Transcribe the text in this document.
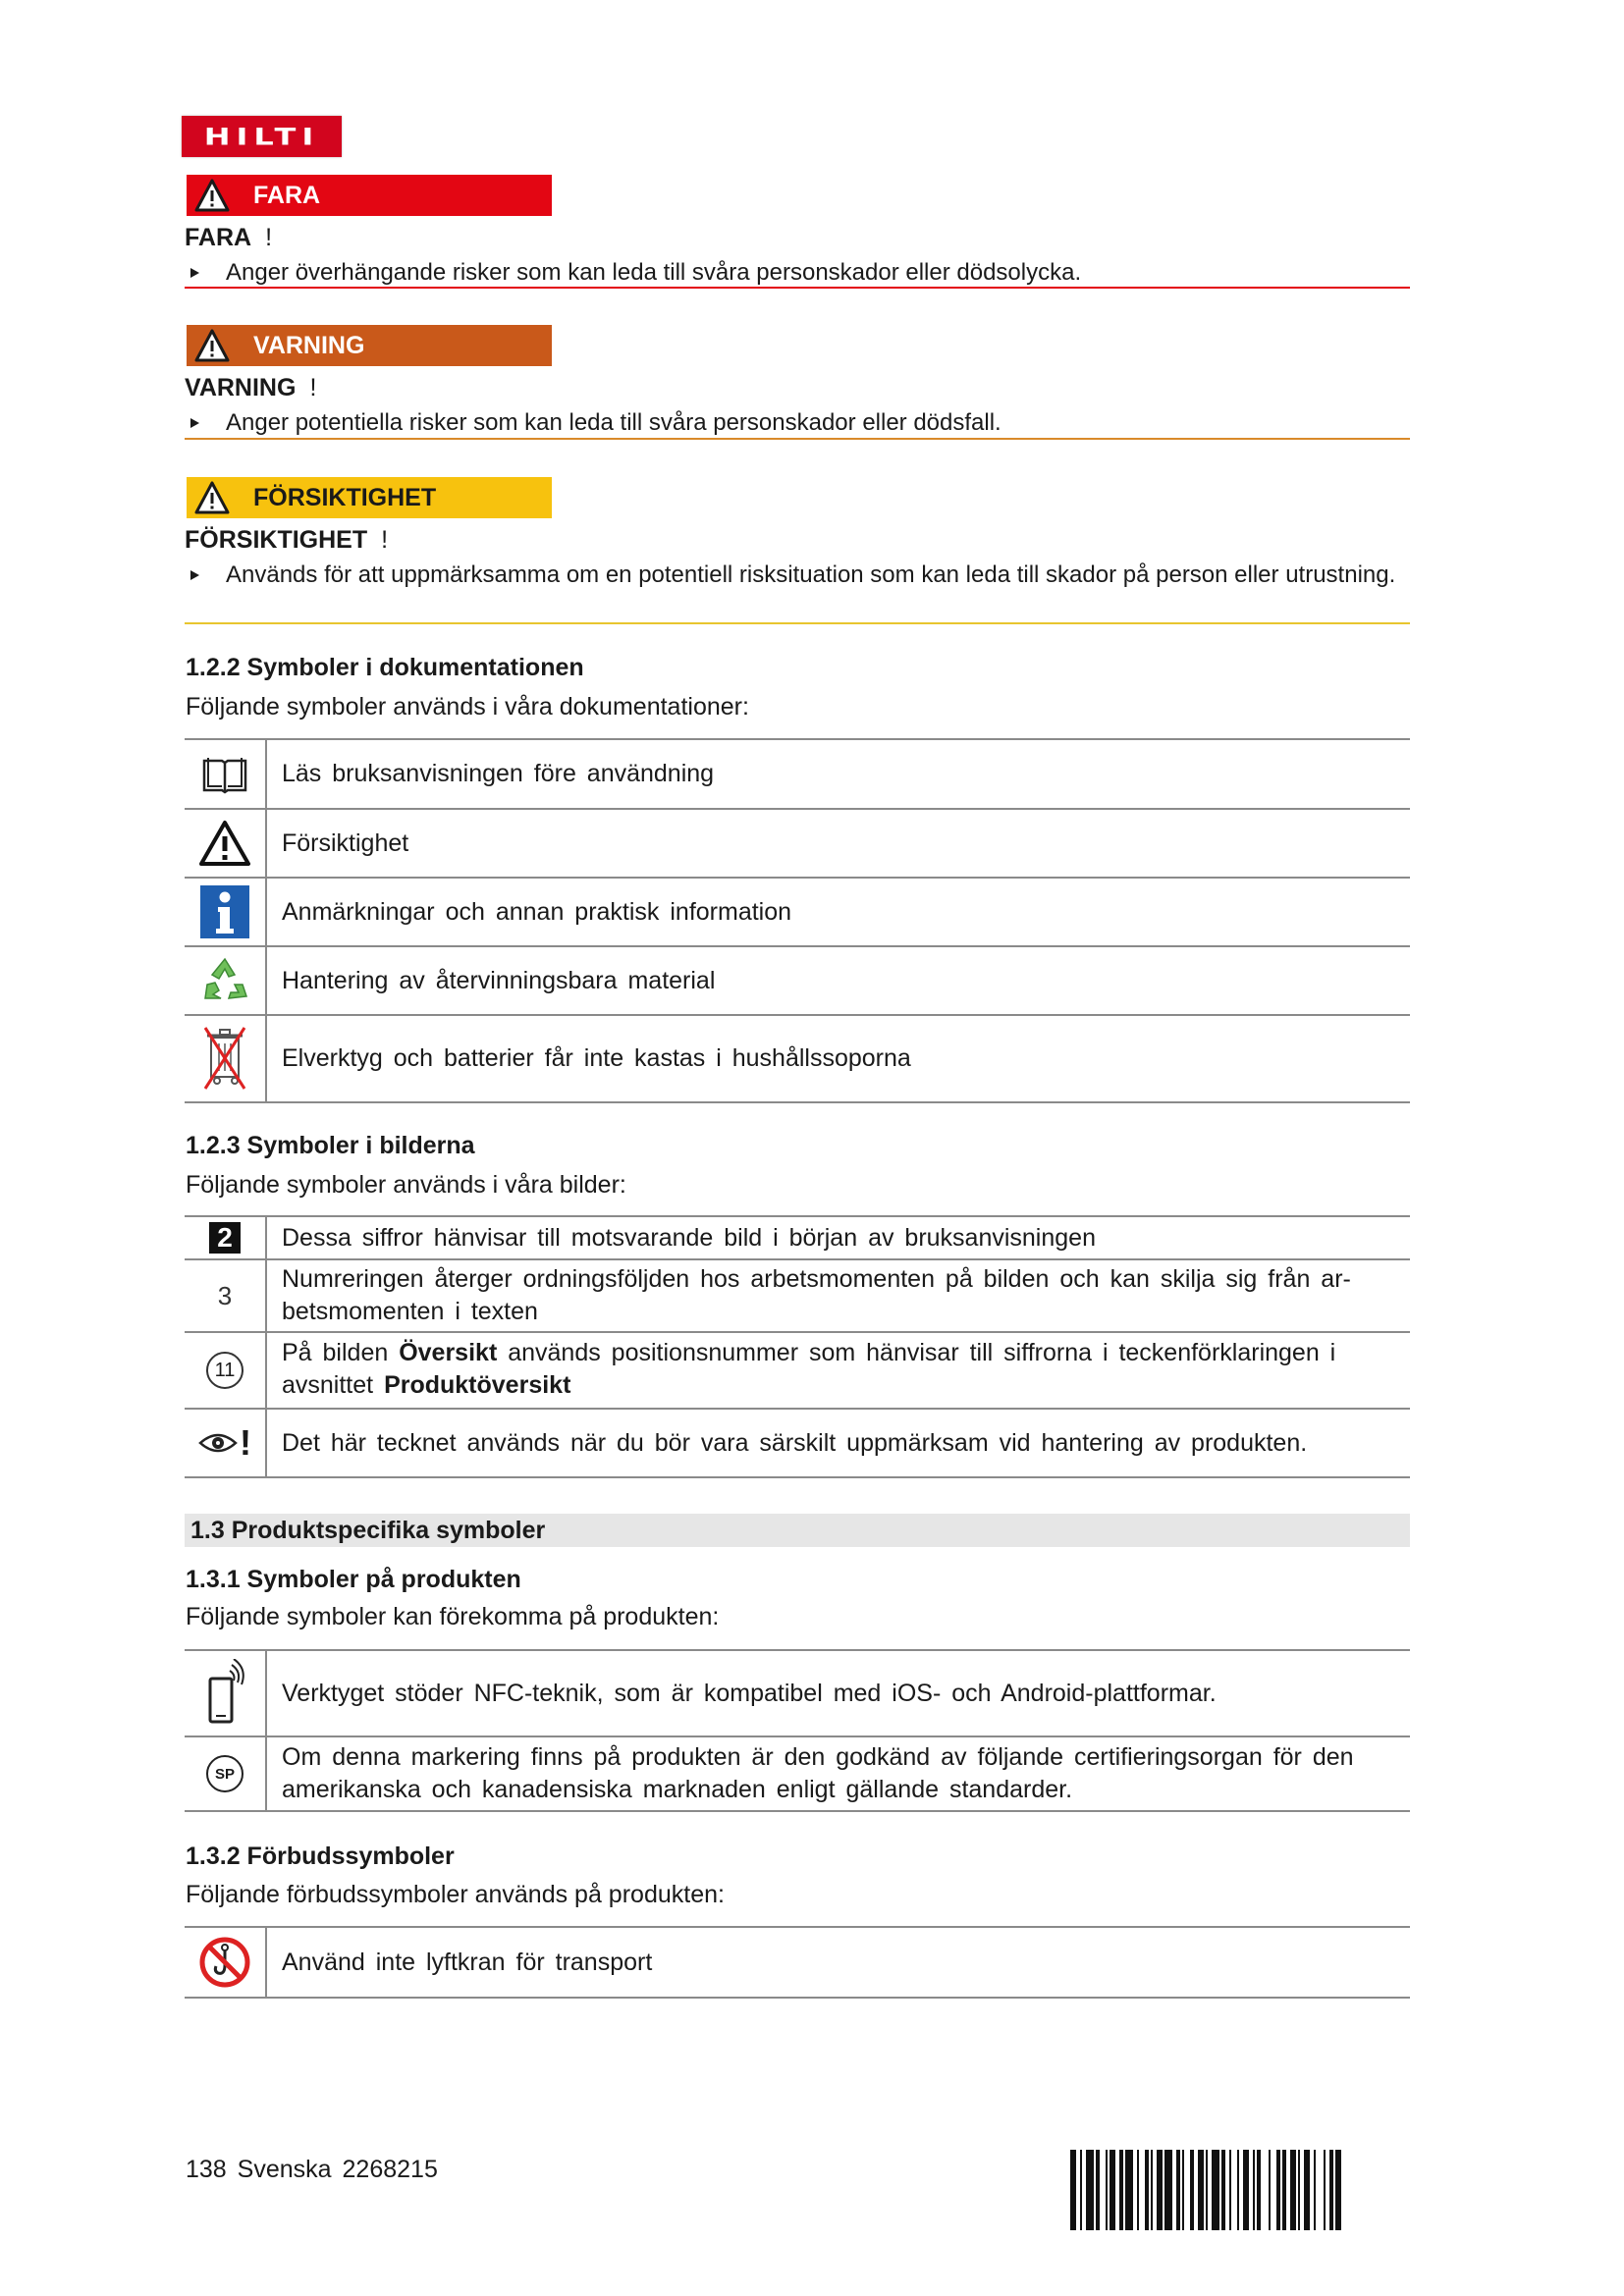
HILTI
FARA
FARA !
Anger överhängande risker som kan leda till svåra personskador eller dödsolycka.
VARNING
VARNING !
Anger potentiella risker som kan leda till svåra personskador eller dödsfall.
FÖRSIKTIGHET
FÖRSIKTIGHET !
Används för att uppmärksamma om en potentiell risksituation som kan leda till skador på person eller utrustning.
1.2.2 Symboler i dokumentationen
Följande symboler används i våra dokumentationer:
Läs bruksanvisningen före användning
Försiktighet
Anmärkningar och annan praktisk information
Hantering av återvinningsbara material
Elverktyg och batterier får inte kastas i hushållssoporna
1.2.3 Symboler i bilderna
Följande symboler används i våra bilder:
2	Dessa siffror hänvisar till motsvarande bild i början av bruksanvisningen
3
Numreringen återger ordningsföljden hos arbetsmomenten på bilden och kan skilja sig från ar-betsmomenten i texten
11
På bilden Översikt används positionsnummer som hänvisar till siffrorna i teckenförklaringen i avsnittet Produktöversikt
!	Det här tecknet används när du bör vara särskilt uppmärksam vid hantering av produkten.
1.3 Produktspecifika symboler
1.3.1 Symboler på produkten
Följande symboler kan förekomma på produkten:
Verktyget stöder NFC-teknik, som är kompatibel med iOS- och Android-plattformar.
SP
Om denna markering finns på produkten är den godkänd av följande certifieringsorgan för den amerikanska och kanadensiska marknaden enligt gällande standarder.
1.3.2 Förbudssymboler
Följande förbudssymboler används på produkten:
Använd inte lyftkran för transport
138 Svenska 2268215
